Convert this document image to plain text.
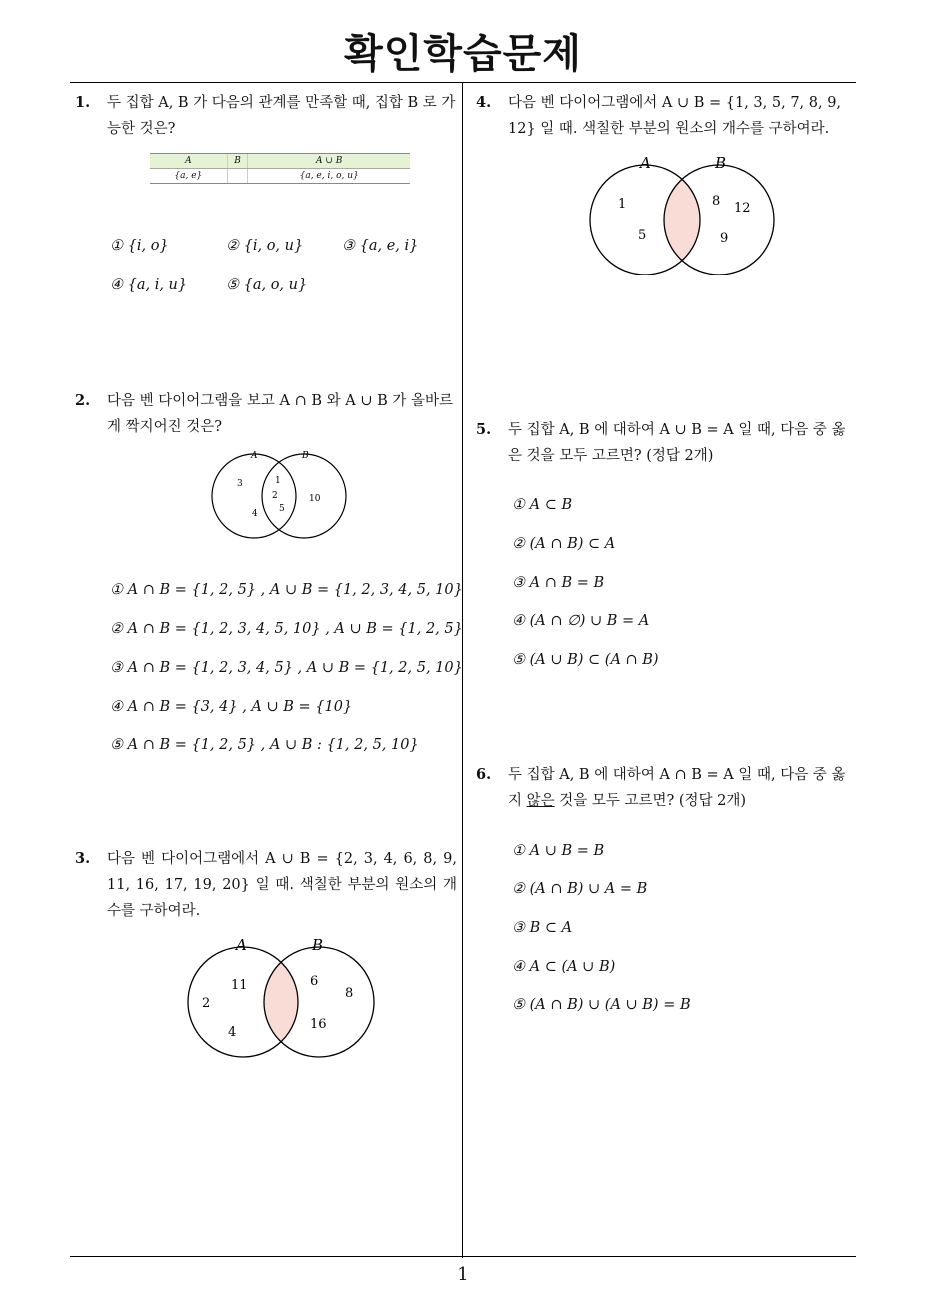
확인학습문제
1
1. 두 집합 A, B 가 다음의 관계를 만족할 때, 집합 B 로 가능한 것은?
A	B	A ∪ B
{a, e}		{a, e, i, o, u}
① {i, o}	② {i, o, u}	③ {a, e, i}
④ {a, i, u}	⑤ {a, o, u}
2. 다음 벤 다이어그램을 보고 A ∩ B 와 A ∪ B 가 올바르게 짝지어진 것은?
A	B
3
4
1
2
5
10
① A ∩ B = {1, 2, 5} , A ∪ B = {1, 2, 3, 4, 5, 10}
② A ∩ B = {1, 2, 3, 4, 5, 10} , A ∪ B = {1, 2, 5}
③ A ∩ B = {1, 2, 3, 4, 5} , A ∪ B = {1, 2, 5, 10}
④ A ∩ B = {3, 4} , A ∪ B = {10}
⑤ A ∩ B = {1, 2, 5} , A ∪ B : {1, 2, 5, 10}
3. 다음 벤 다이어그램에서 A ∪ B = {2, 3, 4, 6, 8, 9, 11, 16, 17, 19, 20} 일 때. 색칠한 부분의 원소의 개수를 구하여라.
A	B
11
2
4
6
8
16
4. 다음 벤 다이어그램에서 A ∪ B = {1, 3, 5, 7, 8, 9, 12} 일 때. 색칠한 부분의 원소의 개수를 구하여라.
A	B
1
5
8 12
9
5. 두 집합 A, B 에 대하여 A ∪ B = A 일 때, 다음 중 옳은 것을 모두 고르면? (정답 2개)
① A ⊂ B
② (A ∩ B) ⊂ A
③ A ∩ B = B
④ (A ∩ ∅) ∪ B = A
⑤ (A ∪ B) ⊂ (A ∩ B)
6. 두 집합 A, B 에 대하여 A ∩ B = A 일 때, 다음 중 옳지 않은 것을 모두 고르면? (정답 2개)
① A ∪ B = B
② (A ∩ B) ∪ A = B
③ B ⊂ A
④ A ⊂ (A ∪ B)
⑤ (A ∩ B) ∪ (A ∪ B) = B
